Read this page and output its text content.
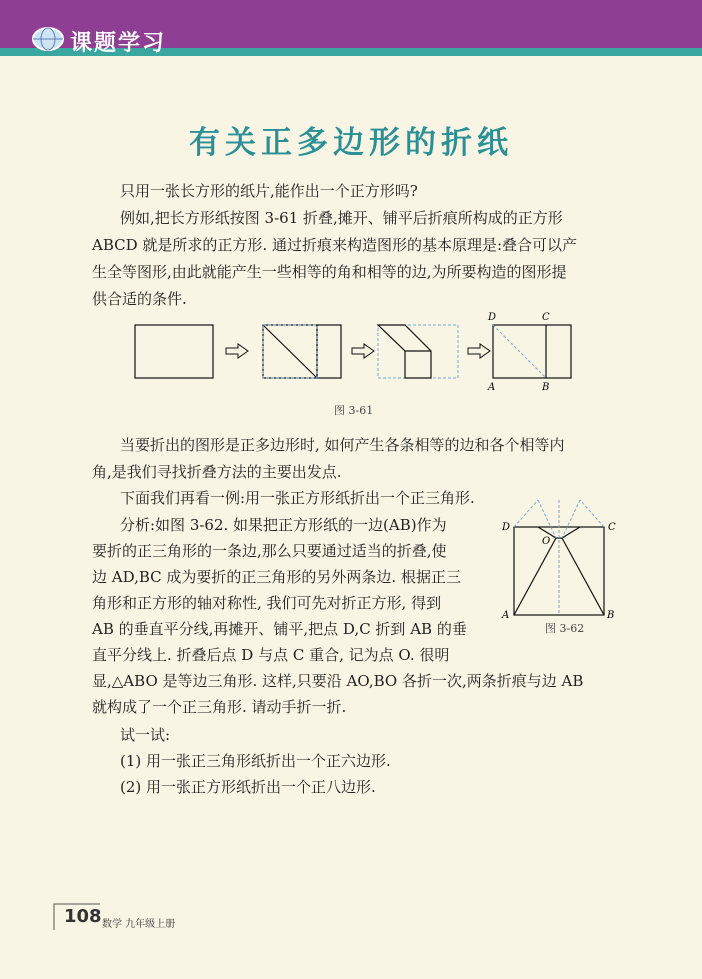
课题学习
有关正多边形的折纸
只用一张长方形的纸片,能作出一个正方形吗?
例如,把长方形纸按图 3-61 折叠,摊开、铺平后折痕所构成的正方形
ABCD 就是所求的正方形. 通过折痕来构造图形的基本原理是:叠合可以产
生全等图形,由此就能产生一些相等的角和相等的边,为所要构造的图形提
供合适的条件.
D	C
A	B
图 3-61
当要折出的图形是正多边形时, 如何产生各条相等的边和各个相等内
角,是我们寻找折叠方法的主要出发点.
下面我们再看一例:用一张正方形纸折出一个正三角形.
分析:如图 3-62. 如果把正方形纸的一边(AB)作为
要折的正三角形的一条边,那么只要通过适当的折叠,使
边 AD,BC 成为要折的正三角形的另外两条边. 根据正三
角形和正方形的轴对称性, 我们可先对折正方形, 得到
AB 的垂直平分线,再摊开、铺平,把点 D,C 折到 AB 的垂
直平分线上. 折叠后点 D 与点 C 重合, 记为点 O. 很明
显,△ABO 是等边三角形. 这样,只要沿 AO,BO 各折一次,两条折痕与边 AB
就构成了一个正三角形. 请动手折一折.
D	C
O
A	B
图 3-62
试一试:
(1) 用一张正三角形纸折出一个正六边形.
(2) 用一张正方形纸折出一个正八边形.
108 数学 九年级上册
